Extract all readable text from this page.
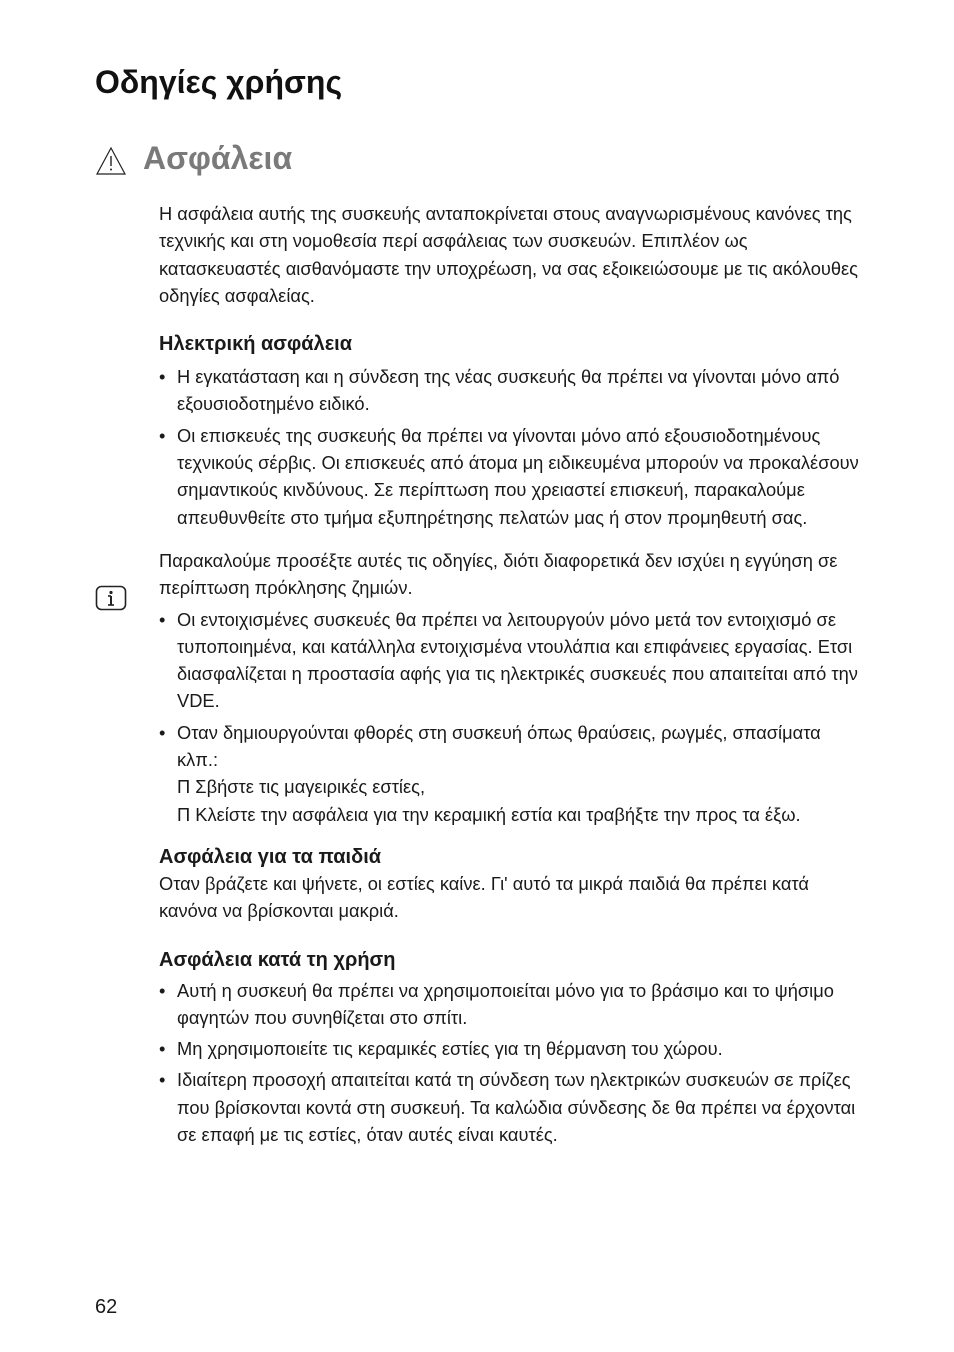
Οδηγίες χρήσης
Ασφάλεια

Η ασφάλεια αυτής της συσκευής ανταποκρίνεται στους αναγνωρισμένους κανόνες της τεχνικής και στη νομοθεσία περί ασφάλειας των συσκευών. Επιπλέον ως κατασκευαστές αισθανόμαστε την υποχρέωση, να σας εξοικειώσουμε με τις ακόλουθες οδηγίες ασφαλείας.

Ηλεκτρική ασφάλεια
• Η εγκατάσταση και η σύνδεση της νέας συσκευής θα πρέπει να γίνονται μόνο από εξουσιοδοτημένο ειδικό.
• Οι επισκευές της συσκευής θα πρέπει να γίνονται μόνο από εξουσιοδοτημένους τεχνικούς σέρβις. Οι επισκευές από άτομα μη ειδικευμένα μπορούν να προκαλέσουν σημαντικούς κινδύνους. Σε περίπτωση που χρειαστεί επισκευή, παρακαλούμε απευθυνθείτε στο τμήμα εξυπηρέτησης πελατών μας ή στον προμηθευτή σας.

Παρακαλούμε προσέξτε αυτές τις οδηγίες, διότι διαφορετικά δεν ισχύει η εγγύηση σε περίπτωση πρόκλησης ζημιών.

• Οι εντοιχισμένες συσκευές θα πρέπει να λειτουργούν μόνο μετά τον εντοιχισμό σε τυποποιημένα, και κατάλληλα εντοιχισμένα ντουλάπια και επιφάνειες εργασίας. Ετσι διασφαλίζεται η προστασία αφής για τις ηλεκτρικές συσκευές που απαιτείται από την VDE.
• Οταν δημιουργούνται φθορές στη συσκευή όπως θραύσεις, ρωγμές, σπασίματα κλπ.:
Π Σβήστε τις μαγειρικές εστίες,
Π Κλείστε την ασφάλεια για την κεραμική εστία και τραβήξτε την προς τα έξω.
Ασφάλεια για τα παιδιά

Οταν βράζετε και ψήνετε, οι εστίες καίνε. Γι' αυτό τα μικρά παιδιά θα πρέπει κατά κανόνα να βρίσκονται μακριά.

Ασφάλεια κατά τη χρήση
• Αυτή η συσκευή θα πρέπει να χρησιμοποιείται μόνο για το βράσιμο και το ψήσιμο φαγητών που συνηθίζεται στο σπίτι.
• Μη χρησιμοποιείτε τις κεραμικές εστίες για τη θέρμανση του χώρου.
• Ιδιαίτερη προσοχή απαιτείται κατά τη σύνδεση των ηλεκτρικών συσκευών σε πρίζες που βρίσκονται κοντά στη συσκευή. Τα καλώδια σύνδεσης δε θα πρέπει να έρχονται σε επαφή με τις εστίες, όταν αυτές είναι καυτές.
62
